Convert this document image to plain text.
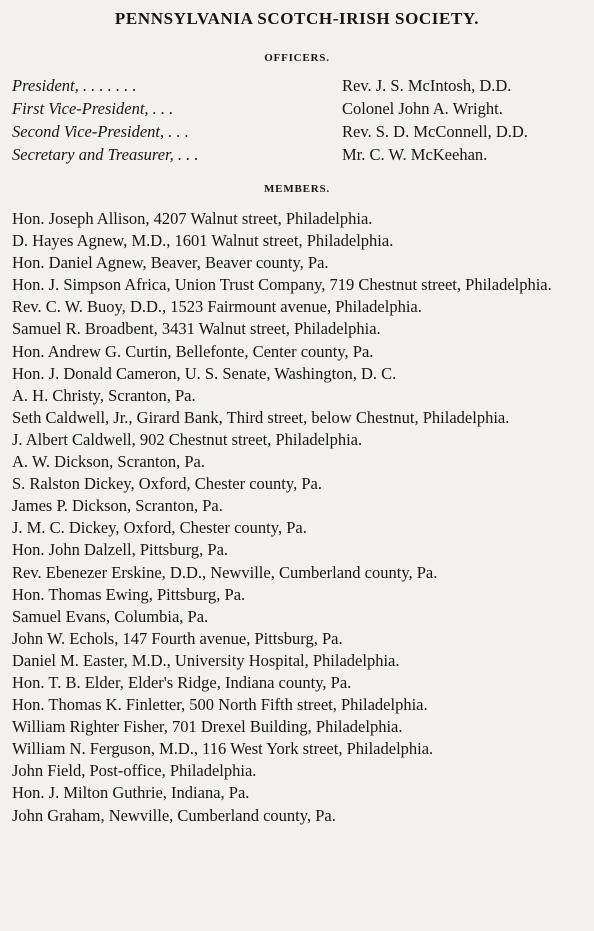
PENNSYLVANIA SCOTCH-IRISH SOCIETY.
OFFICERS.
President, . . . . . . .	Rev. J. S. McIntosh, D.D.
First Vice-President, . . .	Colonel John A. Wright.
Second Vice-President, . . .	Rev. S. D. McConnell, D.D.
Secretary and Treasurer, . . .	Mr. C. W. McKeehan.
MEMBERS.

Hon. Joseph Allison, 4207 Walnut street, Philadelphia.

D. Hayes Agnew, M.D., 1601 Walnut street, Philadelphia.

Hon. Daniel Agnew, Beaver, Beaver county, Pa.

Hon. J. Simpson Africa, Union Trust Company, 719 Chestnut street, Philadelphia.

Rev. C. W. Buoy, D.D., 1523 Fairmount avenue, Philadelphia.

Samuel R. Broadbent, 3431 Walnut street, Philadelphia.

Hon. Andrew G. Curtin, Bellefonte, Center county, Pa.

Hon. J. Donald Cameron, U. S. Senate, Washington, D. C.

A. H. Christy, Scranton, Pa.

Seth Caldwell, Jr., Girard Bank, Third street, below Chestnut, Philadelphia.

J. Albert Caldwell, 902 Chestnut street, Philadelphia.

A. W. Dickson, Scranton, Pa.

S. Ralston Dickey, Oxford, Chester county, Pa.

James P. Dickson, Scranton, Pa.

J. M. C. Dickey, Oxford, Chester county, Pa.

Hon. John Dalzell, Pittsburg, Pa.

Rev. Ebenezer Erskine, D.D., Newville, Cumberland county, Pa.

Hon. Thomas Ewing, Pittsburg, Pa.

Samuel Evans, Columbia, Pa.

John W. Echols, 147 Fourth avenue, Pittsburg, Pa.

Daniel M. Easter, M.D., University Hospital, Philadelphia.

Hon. T. B. Elder, Elder's Ridge, Indiana county, Pa.

Hon. Thomas K. Finletter, 500 North Fifth street, Philadelphia.

William Righter Fisher, 701 Drexel Building, Philadelphia.

William N. Ferguson, M.D., 116 West York street, Philadelphia.

John Field, Post-office, Philadelphia.

Hon. J. Milton Guthrie, Indiana, Pa.

John Graham, Newville, Cumberland county, Pa.
